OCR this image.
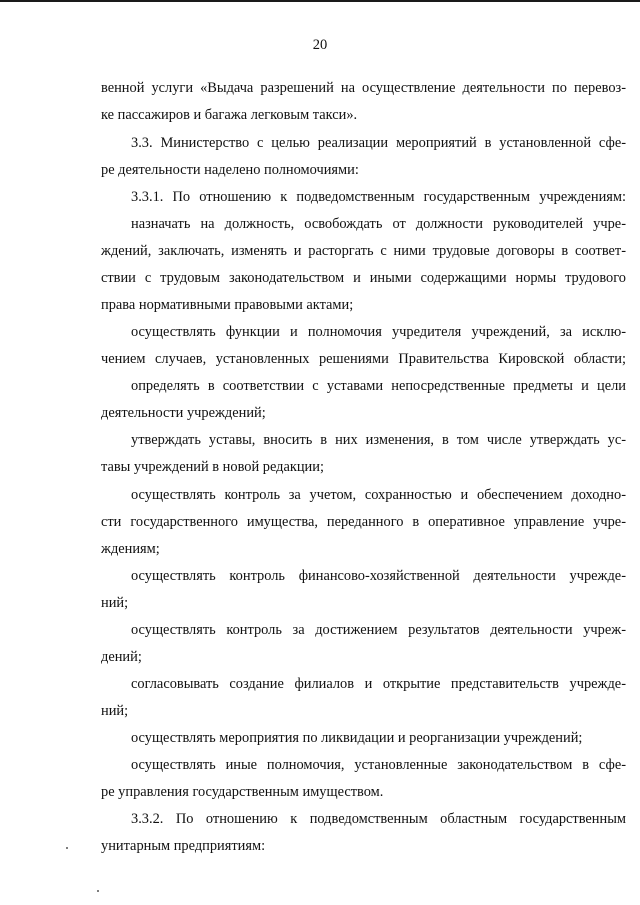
20
венной услуги «Выдача разрешений на осуществление деятельности по перевоз-
ке пассажиров и багажа легковым такси».
3.3. Министерство с целью реализации мероприятий в установленной сфе-
ре деятельности наделено полномочиями:
3.3.1. По отношению к подведомственным государственным учреждениям:
назначать на должность, освобождать от должности руководителей учре-
ждений, заключать, изменять и расторгать с ними трудовые договоры в соответ-
ствии с трудовым законодательством и иными содержащими нормы трудового
права нормативными правовыми актами;
осуществлять функции и полномочия учредителя учреждений, за исклю-
чением случаев, установленных решениями Правительства Кировской области;
определять в соответствии с уставами непосредственные предметы и цели
деятельности учреждений;
утверждать уставы, вносить в них изменения, в том числе утверждать ус-
тавы учреждений в новой редакции;
осуществлять контроль за учетом, сохранностью и обеспечением доходно-
сти государственного имущества, переданного в оперативное управление учре-
ждениям;
осуществлять контроль финансово-хозяйственной деятельности учрежде-
ний;
осуществлять контроль за достижением результатов деятельности учреж-
дений;
согласовывать создание филиалов и открытие представительств учрежде-
ний;
осуществлять мероприятия по ликвидации и реорганизации учреждений;
осуществлять иные полномочия, установленные законодательством в сфе-
ре управления государственным имуществом.
3.3.2. По отношению к подведомственным областным государственным
унитарным предприятиям:
